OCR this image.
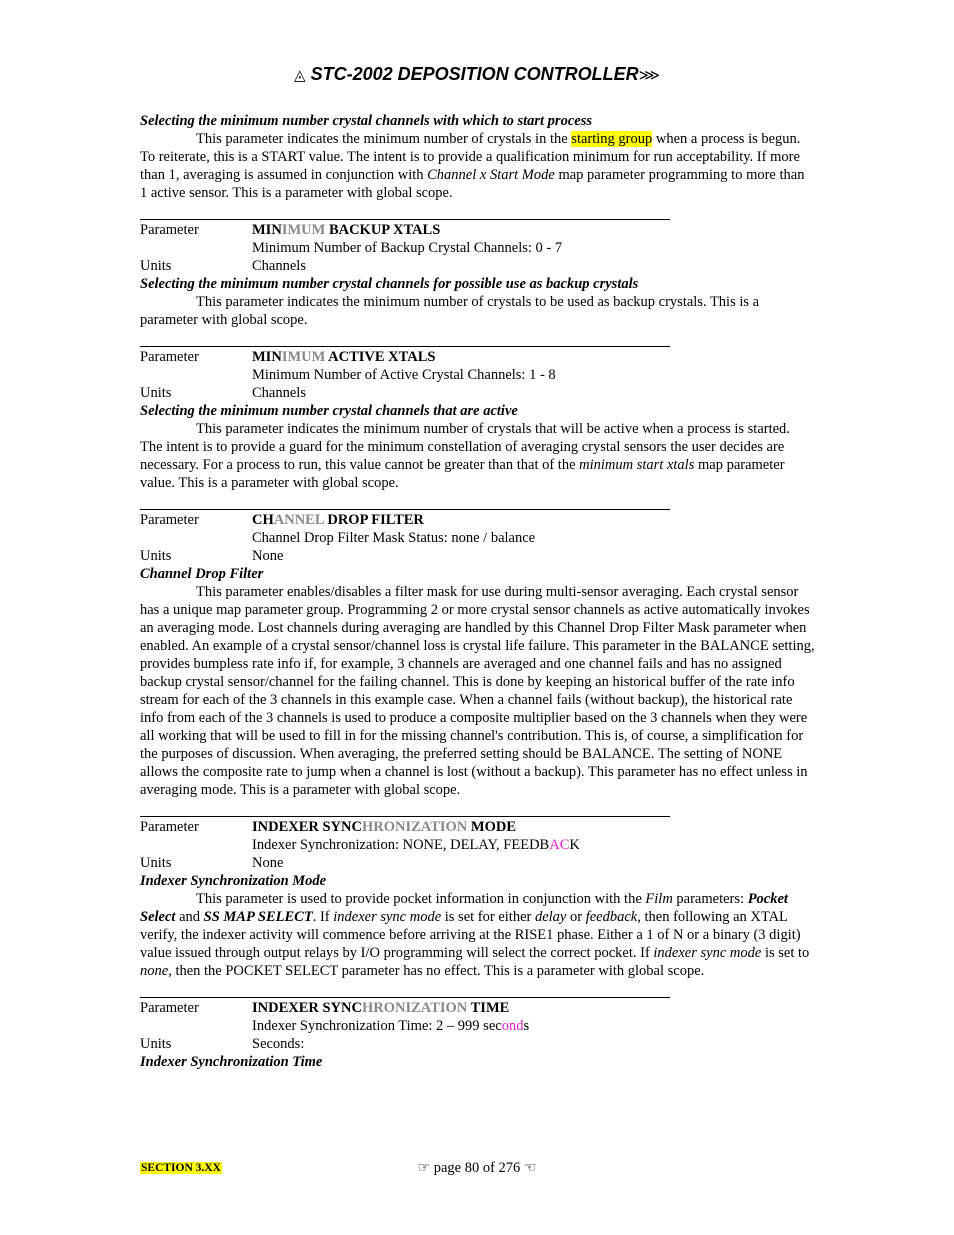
◬ STC-2002 DEPOSITION CONTROLLER⋙
Selecting the minimum number crystal channels with which to start process

This parameter indicates the minimum number of crystals in the starting group when a process is begun. To reiterate, this is a START value. The intent is to provide a qualification minimum for run acceptability. If more than 1, averaging is assumed in conjunction with Channel x Start Mode map parameter programming to more than 1 active sensor. This is a parameter with global scope.

Parameter	MINIMUM BACKUP XTALS
Minimum Number of Backup Crystal Channels: 0 - 7
Units	Channels
Selecting the minimum number crystal channels for possible use as backup crystals

This parameter indicates the minimum number of crystals to be used as backup crystals. This is a parameter with global scope.

Parameter	MINIMUM ACTIVE XTALS
Minimum Number of Active Crystal Channels: 1 - 8
Units	Channels
Selecting the minimum number crystal channels that are active

This parameter indicates the minimum number of crystals that will be active when a process is started. The intent is to provide a guard for the minimum constellation of averaging crystal sensors the user decides are necessary. For a process to run, this value cannot be greater than that of the minimum start xtals map parameter value. This is a parameter with global scope.

Parameter	CHANNEL DROP FILTER
Channel Drop Filter Mask Status: none / balance
Units	None
Channel Drop Filter

This parameter enables/disables a filter mask for use during multi-sensor averaging. Each crystal sensor has a unique map parameter group. Programming 2 or more crystal sensor channels as active automatically invokes an averaging mode. Lost channels during averaging are handled by this Channel Drop Filter Mask parameter when enabled. An example of a crystal sensor/channel loss is crystal life failure. This parameter in the BALANCE setting, provides bumpless rate info if, for example, 3 channels are averaged and one channel fails and has no assigned backup crystal sensor/channel for the failing channel. This is done by keeping an historical buffer of the rate info stream for each of the 3 channels in this example case. When a channel fails (without backup), the historical rate info from each of the 3 channels is used to produce a composite multiplier based on the 3 channels when they were all working that will be used to fill in for the missing channel's contribution. This is, of course, a simplification for the purposes of discussion. When averaging, the preferred setting should be BALANCE. The setting of NONE allows the composite rate to jump when a channel is lost (without a backup). This parameter has no effect unless in averaging mode. This is a parameter with global scope.

Parameter	INDEXER SYNCHRONIZATION MODE
Indexer Synchronization: NONE, DELAY, FEEDBACK
Units	None
Indexer Synchronization Mode

This parameter is used to provide pocket information in conjunction with the Film parameters: Pocket Select and SS MAP SELECT. If indexer sync mode is set for either delay or feedback, then following an XTAL verify, the indexer activity will commence before arriving at the RISE1 phase. Either a 1 of N or a binary (3 digit) value issued through output relays by I/O programming will select the correct pocket. If indexer sync mode is set to none, then the POCKET SELECT parameter has no effect. This is a parameter with global scope.

Parameter	INDEXER SYNCHRONIZATION TIME
Indexer Synchronization Time: 2 – 999 seconds
Units	Seconds:
Indexer Synchronization Time
SECTION 3.XX	☞ page 80 of 276 ☜
